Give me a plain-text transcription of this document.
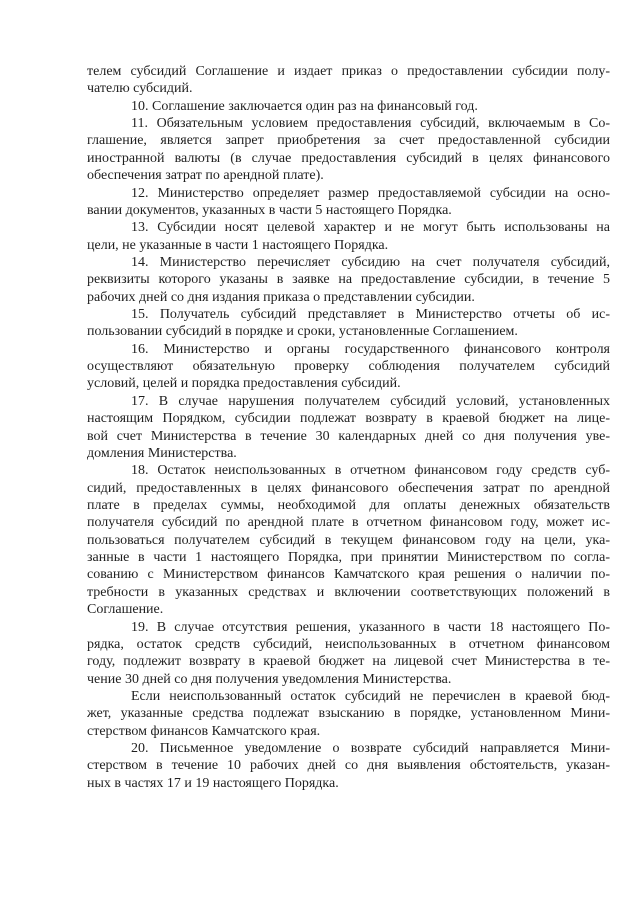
телем субсидий Соглашение и издает приказ о предоставлении субсидии полу-
чателю субсидий.
10. Соглашение заключается один раз на финансовый год.
11. Обязательным условием предоставления субсидий, включаемым в Со-
глашение, является запрет приобретения за счет предоставленной субсидии
иностранной валюты (в случае предоставления субсидий в целях финансового
обеспечения затрат по арендной плате).
12. Министерство определяет размер предоставляемой субсидии на осно-
вании документов, указанных в части 5 настоящего Порядка.
13. Субсидии носят целевой характер и не могут быть использованы на
цели, не указанные в части 1 настоящего Порядка.
14. Министерство перечисляет субсидию на счет получателя субсидий,
реквизиты которого указаны в заявке на предоставление субсидии, в течение 5
рабочих дней со дня издания приказа о представлении субсидии.
15. Получатель субсидий представляет в Министерство отчеты об ис-
пользовании субсидий в порядке и сроки, установленные Соглашением.
16. Министерство и органы государственного финансового контроля
осуществляют обязательную проверку соблюдения получателем субсидий
условий, целей и порядка предоставления субсидий.
17. В случае нарушения получателем субсидий условий, установленных
настоящим Порядком, субсидии подлежат возврату в краевой бюджет на лице-
вой счет Министерства в течение 30 календарных дней со дня получения уве-
домления Министерства.
18. Остаток неиспользованных в отчетном финансовом году средств суб-
сидий, предоставленных в целях финансового обеспечения затрат по арендной
плате в пределах суммы, необходимой для оплаты денежных обязательств
получателя субсидий по арендной плате в отчетном финансовом году, может ис-
пользоваться получателем субсидий в текущем финансовом году на цели, ука-
занные в части 1 настоящего Порядка, при принятии Министерством по согла-
сованию с Министерством финансов Камчатского края решения о наличии по-
требности в указанных средствах и включении соответствующих положений в
Соглашение.
19. В случае отсутствия решения, указанного в части 18 настоящего По-
рядка, остаток средств субсидий, неиспользованных в отчетном финансовом
году, подлежит возврату в краевой бюджет на лицевой счет Министерства в те-
чение 30 дней со дня получения уведомления Министерства.
Если неиспользованный остаток субсидий не перечислен в краевой бюд-
жет, указанные средства подлежат взысканию в порядке, установленном Мини-
стерством финансов Камчатского края.
20. Письменное уведомление о возврате субсидий направляется Мини-
стерством в течение 10 рабочих дней со дня выявления обстоятельств, указан-
ных в частях 17 и 19 настоящего Порядка.
